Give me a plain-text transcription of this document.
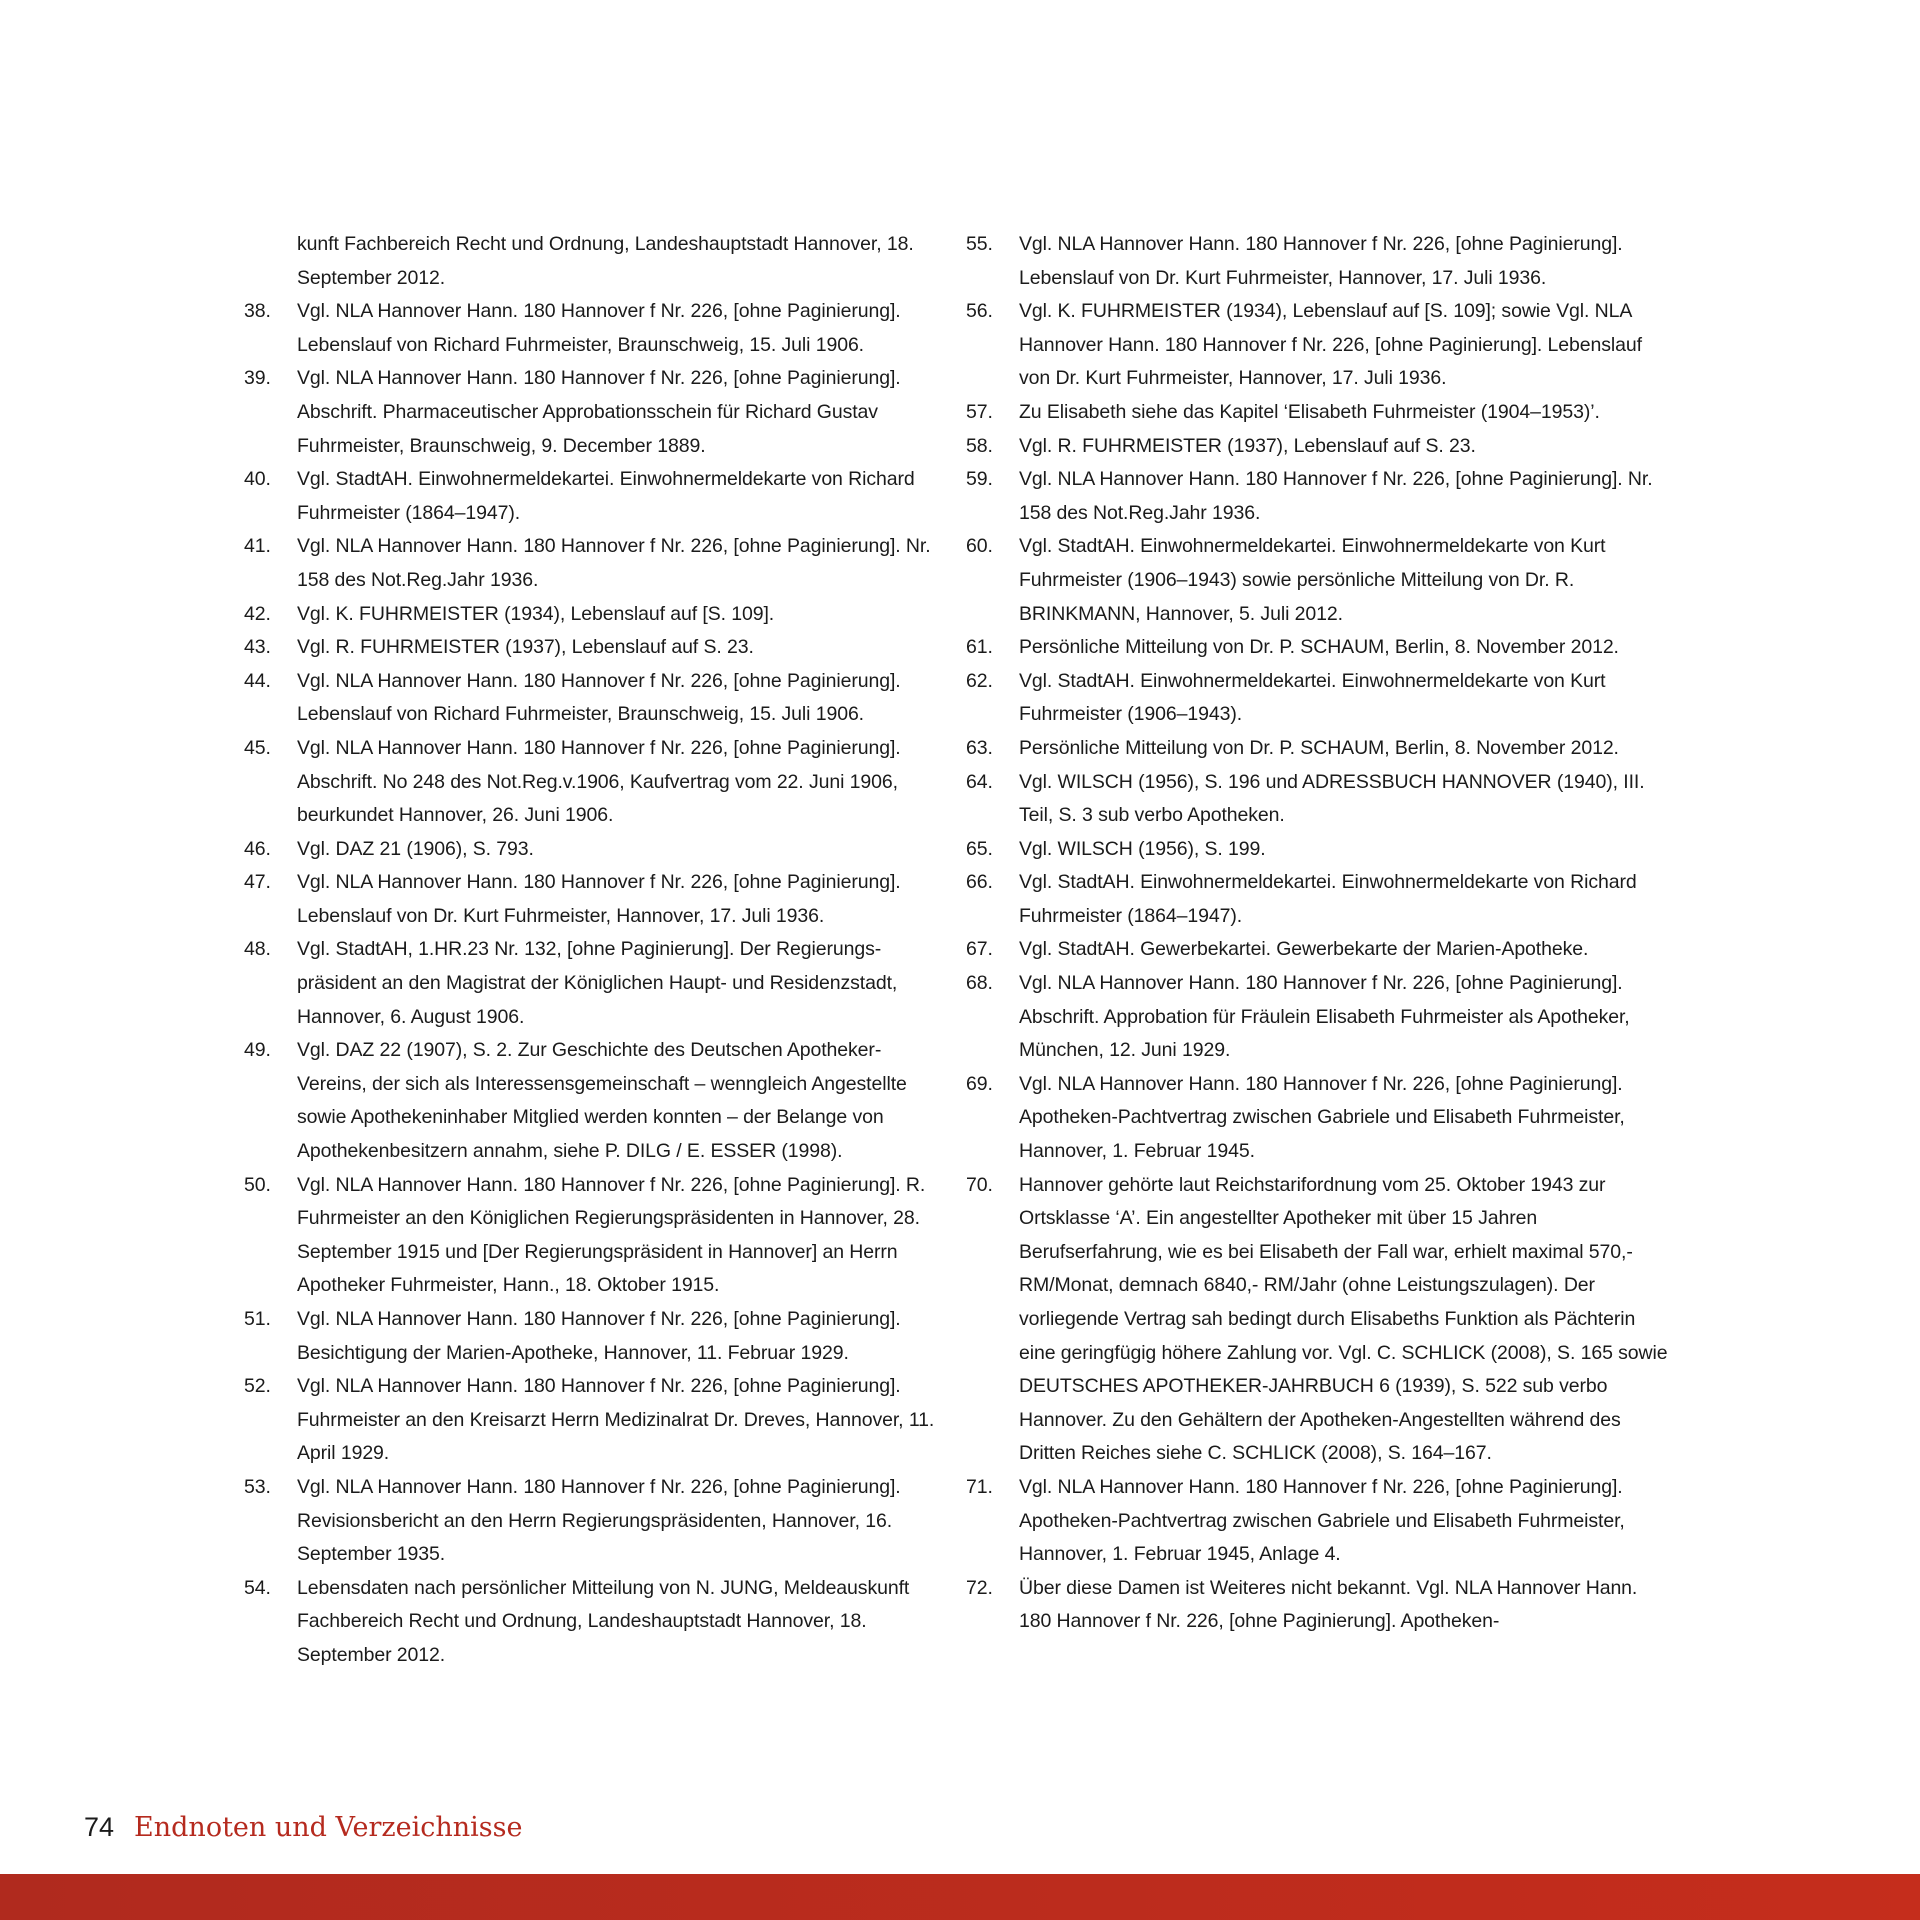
kunft Fachbereich Recht und Ordnung, Landeshauptstadt Hannover, 18. September 2012.
38.	Vgl. NLA Hannover Hann. 180 Hannover f Nr. 226, [ohne Paginierung]. Lebenslauf von Richard Fuhrmeister, Braunschweig, 15. Juli 1906.
39.	Vgl. NLA Hannover Hann. 180 Hannover f Nr. 226, [ohne Paginierung]. Abschrift. Pharmaceutischer Approbationsschein für Richard Gustav Fuhrmeister, Braunschweig, 9. December 1889.
40.	Vgl. StadtAH. Einwohnermeldekartei. Einwohnermeldekarte von Richard Fuhrmeister (1864–1947).
41.	Vgl. NLA Hannover Hann. 180 Hannover f Nr. 226, [ohne Paginierung]. Nr. 158 des Not.Reg.Jahr 1936.
42.	Vgl. K. FUHRMEISTER (1934), Lebenslauf auf [S. 109].
43.	Vgl. R. FUHRMEISTER (1937), Lebenslauf auf S. 23.
44.	Vgl. NLA Hannover Hann. 180 Hannover f Nr. 226, [ohne Paginierung]. Lebenslauf von Richard Fuhrmeister, Braunschweig, 15. Juli 1906.
45.	Vgl. NLA Hannover Hann. 180 Hannover f Nr. 226, [ohne Paginierung]. Abschrift. No 248 des Not.Reg.v.1906, Kaufvertrag vom 22. Juni 1906, beurkundet Hannover, 26. Juni 1906.
46.	Vgl. DAZ 21 (1906), S. 793.
47.	Vgl. NLA Hannover Hann. 180 Hannover f Nr. 226, [ohne Paginierung]. Lebenslauf von Dr. Kurt Fuhrmeister, Hannover, 17. Juli 1936.
48.	Vgl. StadtAH, 1.HR.23 Nr. 132, [ohne Paginierung]. Der Regierungspräsident an den Magistrat der Königlichen Haupt- und Residenzstadt, Hannover, 6. August 1906.
49.	Vgl. DAZ 22 (1907), S. 2. Zur Geschichte des Deutschen Apotheker-Vereins, der sich als Interessensgemeinschaft – wenngleich Angestellte sowie Apothekeninhaber Mitglied werden konnten – der Belange von Apothekenbesitzern annahm, siehe P. DILG / E. ESSER (1998).
50.	Vgl. NLA Hannover Hann. 180 Hannover f Nr. 226, [ohne Paginierung]. R. Fuhrmeister an den Königlichen Regierungspräsidenten in Hannover, 28. September 1915 und [Der Regierungspräsident in Hannover] an Herrn Apotheker Fuhrmeister, Hann., 18. Oktober 1915.
51.	Vgl. NLA Hannover Hann. 180 Hannover f Nr. 226, [ohne Paginierung]. Besichtigung der Marien-Apotheke, Hannover, 11. Februar 1929.
52.	Vgl. NLA Hannover Hann. 180 Hannover f Nr. 226, [ohne Paginierung]. Fuhrmeister an den Kreisarzt Herrn Medizinalrat Dr. Dreves, Hannover, 11. April 1929.
53.	Vgl. NLA Hannover Hann. 180 Hannover f Nr. 226, [ohne Paginierung]. Revisionsbericht an den Herrn Regierungspräsidenten, Hannover, 16. September 1935.
54.	Lebensdaten nach persönlicher Mitteilung von N. JUNG, Meldeauskunft Fachbereich Recht und Ordnung, Landeshauptstadt Hannover, 18. September 2012.
55.	Vgl. NLA Hannover Hann. 180 Hannover f Nr. 226, [ohne Paginierung]. Lebenslauf von Dr. Kurt Fuhrmeister, Hannover, 17. Juli 1936.
56.	Vgl. K. FUHRMEISTER (1934), Lebenslauf auf [S. 109]; sowie Vgl. NLA Hannover Hann. 180 Hannover f Nr. 226, [ohne Paginierung]. Lebenslauf von Dr. Kurt Fuhrmeister, Hannover, 17. Juli 1936.
57.	Zu Elisabeth siehe das Kapitel ‘Elisabeth Fuhrmeister (1904–1953)’.
58.	Vgl. R. FUHRMEISTER (1937), Lebenslauf auf S. 23.
59.	Vgl. NLA Hannover Hann. 180 Hannover f Nr. 226, [ohne Paginierung]. Nr. 158 des Not.Reg.Jahr 1936.
60.	Vgl. StadtAH. Einwohnermeldekartei. Einwohnermeldekarte von Kurt Fuhrmeister (1906–1943) sowie persönliche Mitteilung von Dr. R. BRINKMANN, Hannover, 5. Juli 2012.
61.	Persönliche Mitteilung von Dr. P. SCHAUM, Berlin, 8. November 2012.
62.	Vgl. StadtAH. Einwohnermeldekartei. Einwohnermeldekarte von Kurt Fuhrmeister (1906–1943).
63.	Persönliche Mitteilung von Dr. P. SCHAUM, Berlin, 8. November 2012.
64.	Vgl. WILSCH (1956), S. 196 und ADRESSBUCH HANNOVER (1940), III. Teil, S. 3 sub verbo Apotheken.
65.	Vgl. WILSCH (1956), S. 199.
66.	Vgl. StadtAH. Einwohnermeldekartei. Einwohnermeldekarte von Richard Fuhrmeister (1864–1947).
67.	Vgl. StadtAH. Gewerbekartei. Gewerbekarte der Marien-Apotheke.
68.	Vgl. NLA Hannover Hann. 180 Hannover f Nr. 226, [ohne Paginierung]. Abschrift. Approbation für Fräulein Elisabeth Fuhrmeister als Apotheker, München, 12. Juni 1929.
69.	Vgl. NLA Hannover Hann. 180 Hannover f Nr. 226, [ohne Paginierung]. Apotheken-Pachtvertrag zwischen Gabriele und Elisabeth Fuhrmeister, Hannover, 1. Februar 1945.
70.	Hannover gehörte laut Reichstarifordnung vom 25. Oktober 1943 zur Ortsklasse ‘A’. Ein angestellter Apotheker mit über 15 Jahren Berufserfahrung, wie es bei Elisabeth der Fall war, erhielt maximal 570,- RM/Monat, demnach 6840,- RM/Jahr (ohne Leistungszulagen). Der vorliegende Vertrag sah bedingt durch Elisabeths Funktion als Pächterin eine geringfügig höhere Zahlung vor. Vgl. C. SCHLICK (2008), S. 165 sowie DEUTSCHES APOTHEKER-JAHRBUCH 6 (1939), S. 522 sub verbo Hannover. Zu den Gehältern der Apotheken-Angestellten während des Dritten Reiches siehe C. SCHLICK (2008), S. 164–167.
71.	Vgl. NLA Hannover Hann. 180 Hannover f Nr. 226, [ohne Paginierung]. Apotheken-Pachtvertrag zwischen Gabriele und Elisabeth Fuhrmeister, Hannover, 1. Februar 1945, Anlage 4.
72.	Über diese Damen ist Weiteres nicht bekannt. Vgl. NLA Hannover Hann. 180 Hannover f Nr. 226, [ohne Paginierung]. Apotheken-
74 Endnoten und Verzeichnisse
